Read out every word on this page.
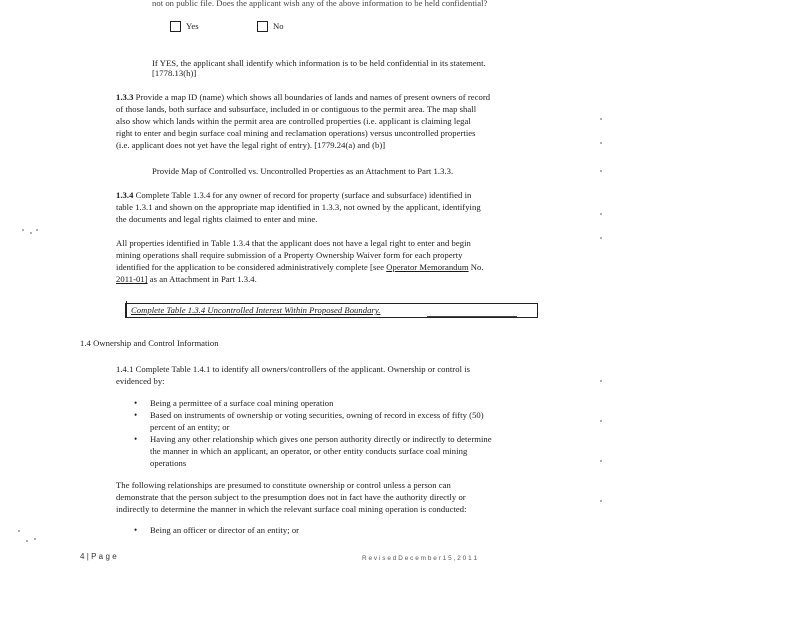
not on public file. Does the applicant wish any of the above information to be held confidential?
Yes	No
If YES, the applicant shall identify which information is to be held confidential in its statement.
[1778.13(h)]
1.3.3 Provide a map ID (name) which shows all boundaries of lands and names of present owners of record
of those lands, both surface and subsurface, included in or contiguous to the permit area. The map shall
also show which lands within the permit area are controlled properties (i.e. applicant is claiming legal
right to enter and begin surface coal mining and reclamation operations) versus uncontrolled properties
(i.e. applicant does not yet have the legal right of entry). [1779.24(a) and (b)]
Provide Map of Controlled vs. Uncontrolled Properties as an Attachment to Part 1.3.3.
1.3.4 Complete Table 1.3.4 for any owner of record for property (surface and subsurface) identified in
table 1.3.1 and shown on the appropriate map identified in 1.3.3, not owned by the applicant, identifying
the documents and legal rights claimed to enter and mine.
All properties identified in Table 1.3.4 that the applicant does not have a legal right to enter and begin
mining operations shall require submission of a Property Ownership Waiver form for each property
identified for the application to be considered administratively complete [see Operator Memorandum No.
2011-01] as an Attachment in Part 1.3.4.
Complete Table 1.3.4 Uncontrolled Interest Within Proposed Boundary.
1.4 Ownership and Control Information
1.4.1 Complete Table 1.4.1 to identify all owners/controllers of the applicant. Ownership or control is
evidenced by:
• Being a permittee of a surface coal mining operation
• Based on instruments of ownership or voting securities, owning of record in excess of fifty (50)
percent of an entity; or
• Having any other relationship which gives one person authority directly or indirectly to determine
the manner in which an applicant, an operator, or other entity conducts surface coal mining
operations
The following relationships are presumed to constitute ownership or control unless a person can
demonstrate that the person subject to the presumption does not in fact have the authority directly or
indirectly to determine the manner in which the relevant surface coal mining operation is conducted:
• Being an officer or director of an entity; or
4 | P a g e	R e v i s e d D e c e m b e r 1 5 , 2 0 1 1
